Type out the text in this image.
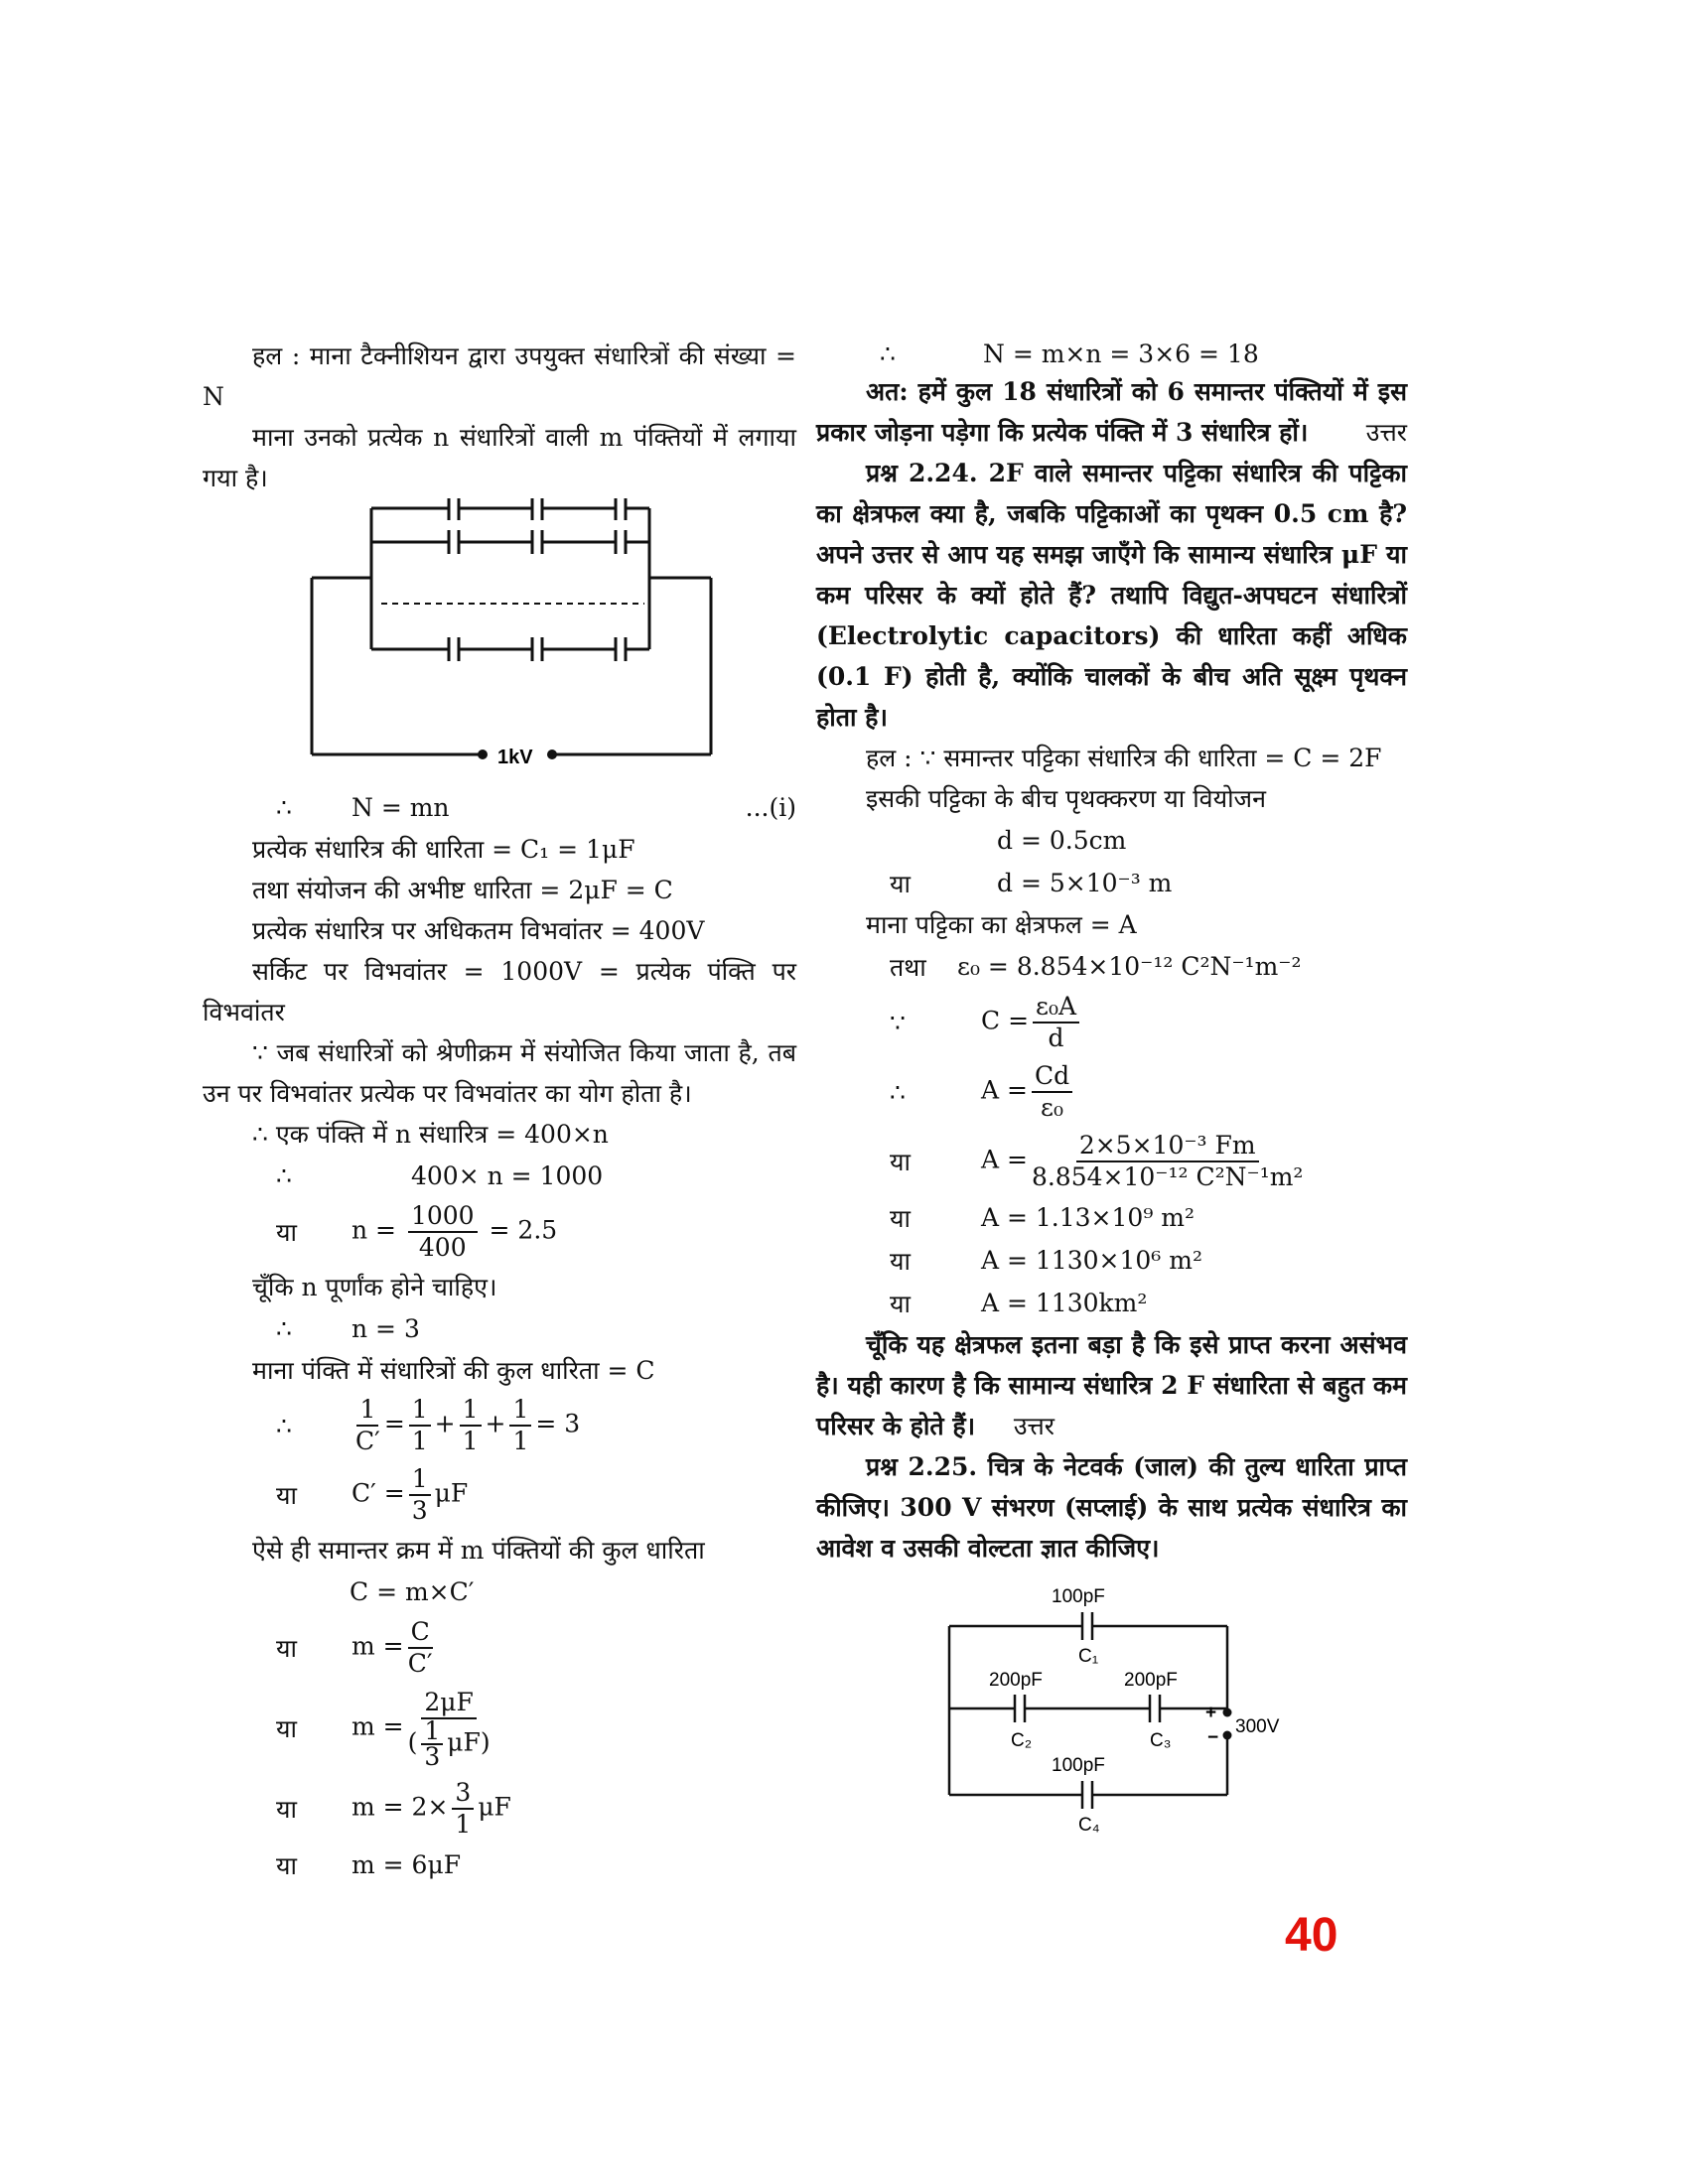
हल : माना टैक्नीशियन द्वारा उपयुक्त संधारित्रों की संख्या = N

माना उनको प्रत्येक n संधारित्रों वाली m पंक्तियों में लगाया गया है।

1kV
∴	N = mn	...(i)

प्रत्येक संधारित्र की धारिता = C₁ = 1μF

तथा संयोजन की अभीष्ट धारिता = 2μF = C

प्रत्येक संधारित्र पर अधिकतम विभवांतर = 400V

सर्किट पर विभवांतर = 1000V = प्रत्येक पंक्ति पर विभवांतर

∵ जब संधारित्रों को श्रेणीक्रम में संयोजित किया जाता है, तब उन पर विभवांतर प्रत्येक पर विभवांतर का योग होता है।

∴ एक पंक्ति में n संधारित्र = 400×n

∴	400× n = 1000
या	$n = \frac{1000}{400} = 2.5$

चूँकि n पूर्णांक होने चाहिए।

∴	n = 3

माना पंक्ति में संधारित्रों की कुल धारिता = C

∴	$\frac{1}{C'} = \frac{1}{1} + \frac{1}{1} + \frac{1}{1} = 3$
या	$C' = \frac{1}{3}$ μF

ऐसे ही समान्तर क्रम में m पंक्तियों की कुल धारिता

C = m×C′
या	$m = \frac{C}{C'}$
या	$m = \frac{2\mu F}{( \frac{1}{3} \mu F)}$
या	$m = 2\times \frac{3}{1}$ μF
या	m = 6μF
∴	N = m×n = 3×6 = 18

अत: हमें कुल 18 संधारित्रों को 6 समान्तर पंक्तियों में इस प्रकार जोड़ना पड़ेगा कि प्रत्येक पंक्ति में 3 संधारित्र हों।	उत्तर

प्रश्न 2.24. 2F वाले समान्तर पट्टिका संधारित्र की पट्टिका का क्षेत्रफल क्या है, जबकि पट्टिकाओं का पृथक्न 0.5 cm है? अपने उत्तर से आप यह समझ जाएँगे कि सामान्य संधारित्र μF या कम परिसर के क्यों होते हैं? तथापि विद्युत-अपघटन संधारित्रों (Electrolytic capacitors) की धारिता कहीं अधिक (0.1 F) होती है, क्योंकि चालकों के बीच अति सूक्ष्म पृथक्न होता है।

हल : ∵ समान्तर पट्टिका संधारित्र की धारिता = C = 2F

इसकी पट्टिका के बीच पृथक्करण या वियोजन

d = 0.5cm
या	d = 5×10⁻³ m

माना पट्टिका का क्षेत्रफल = A

तथा	ε₀ = 8.854×10⁻¹² C²N⁻¹m⁻²
∵	$C = \frac{\text{ε₀A}}{d}$
∴	$A = \frac{Cd}{\text{ε₀}}$
या	$A = \frac{\text{2×5×10⁻³ Fm}}{\text{8.854×10⁻¹² C²N⁻¹m²}}$
या	A = 1.13×10⁹ m²
या	A = 1130×10⁶ m²
या	A = 1130km²

चूँकि यह क्षेत्रफल इतना बड़ा है कि इसे प्राप्त करना असंभव है। यही कारण है कि सामान्य संधारित्र 2 F संधारिता से बहुत कम परिसर के होते हैं। उत्तर

प्रश्न 2.25. चित्र के नेटवर्क (जाल) की तुल्य धारिता प्राप्त कीजिए। 300 V संभरण (सप्लाई) के साथ प्रत्येक संधारित्र का आवेश व उसकी वोल्टता ज्ञात कीजिए।

100pF
C₁
200pF
C₂
200pF
C₃
100pF
C₄
+
−
300V
40
